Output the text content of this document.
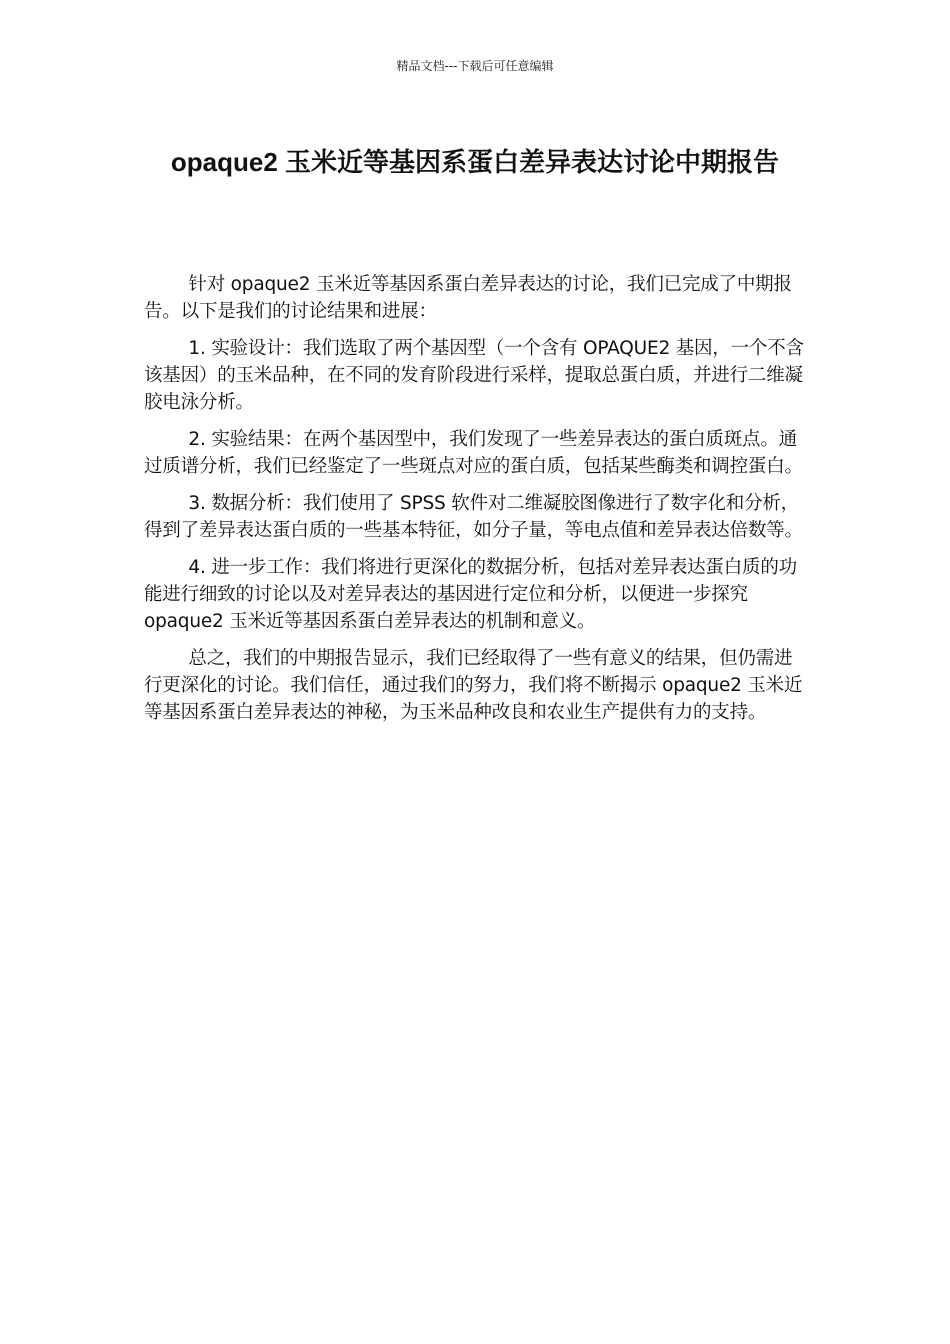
精品文档---下载后可任意编辑
opaque2 玉米近等基因系蛋白差异表达讨论中期报告

针对 opaque2 玉米近等基因系蛋白差异表达的讨论，我们已完成了中期报告。以下是我们的讨论结果和进展：

1. 实验设计：我们选取了两个基因型（一个含有 OPAQUE2 基因，一个不含该基因）的玉米品种，在不同的发育阶段进行采样，提取总蛋白质，并进行二维凝胶电泳分析。

2. 实验结果：在两个基因型中，我们发现了一些差异表达的蛋白质斑点。通过质谱分析，我们已经鉴定了一些斑点对应的蛋白质，包括某些酶类和调控蛋白。

3. 数据分析：我们使用了 SPSS 软件对二维凝胶图像进行了数字化和分析，得到了差异表达蛋白质的一些基本特征，如分子量，等电点值和差异表达倍数等。

4. 进一步工作：我们将进行更深化的数据分析，包括对差异表达蛋白质的功能进行细致的讨论以及对差异表达的基因进行定位和分析，以便进一步探究 opaque2 玉米近等基因系蛋白差异表达的机制和意义。

总之，我们的中期报告显示，我们已经取得了一些有意义的结果，但仍需进行更深化的讨论。我们信任，通过我们的努力，我们将不断揭示 opaque2 玉米近等基因系蛋白差异表达的神秘，为玉米品种改良和农业生产提供有力的支持。
